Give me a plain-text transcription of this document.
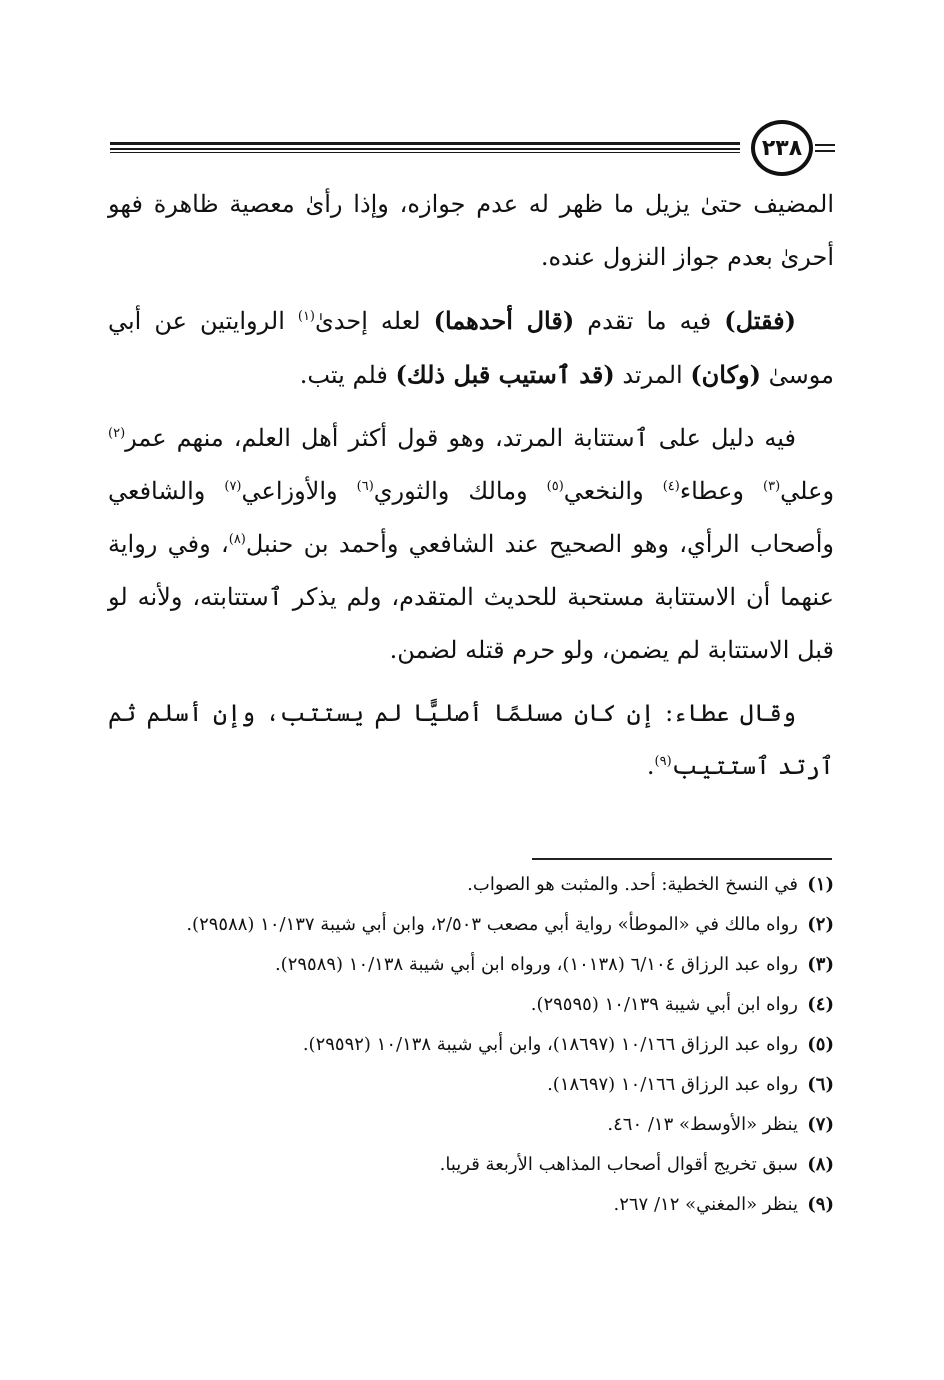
٢٣٨

المضيف حتىٰ يزيل ما ظهر له عدم جوازه، وإذا رأىٰ معصية ظاهرة فهو أحرىٰ بعدم جواز النزول عنده.

(فقتل) فيه ما تقدم (قال أحدهما) لعله إحدىٰ$^{(١)}$ الروايتين عن أبي موسىٰ (وكان) المرتد (قد ٱستيب قبل ذلك) فلم يتب.

فيه دليل على ٱستتابة المرتد، وهو قول أكثر أهل العلم، منهم عمر$^{(٢)}$ وعلي$^{(٣)}$ وعطاء$^{(٤)}$ والنخعي$^{(٥)}$ ومالك والثوري$^{(٦)}$ والأوزاعي$^{(٧)}$ والشافعي وأصحاب الرأي، وهو الصحيح عند الشافعي وأحمد بن حنبل$^{(٨)}$، وفي رواية عنهما أن الاستتابة مستحبة للحديث المتقدم، ولم يذكر ٱستتابته، ولأنه لو قبل الاستتابة لم يضمن، ولو حرم قتله لضمن.

وقال عطاء: إن كان مسلمًا أصليًّا لم يستتب، وإن أسلم ثم ٱرتد ٱستتيب$^{(٩)}$.

(١)
في النسخ الخطية: أحد. والمثبت هو الصواب.
(٢)
رواه مالك في «الموطأ» رواية أبي مصعب ٢/٥٠٣، وابن أبي شيبة ١٠/١٣٧ (٢٩٥٨٨).
(٣)
رواه عبد الرزاق ٦/١٠٤ (١٠١٣٨)، ورواه ابن أبي شيبة ١٠/١٣٨ (٢٩٥٨٩).
(٤)
رواه ابن أبي شيبة ١٠/١٣٩ (٢٩٥٩٥).
(٥)
رواه عبد الرزاق ١٠/١٦٦ (١٨٦٩٧)، وابن أبي شيبة ١٠/١٣٨ (٢٩٥٩٢).
(٦)
رواه عبد الرزاق ١٠/١٦٦ (١٨٦٩٧).
(٧)
ينظر «الأوسط» ١٣/ ٤٦٠.
(٨)
سبق تخريج أقوال أصحاب المذاهب الأربعة قريبا.
(٩)
ينظر «المغني» ١٢/ ٢٦٧.
